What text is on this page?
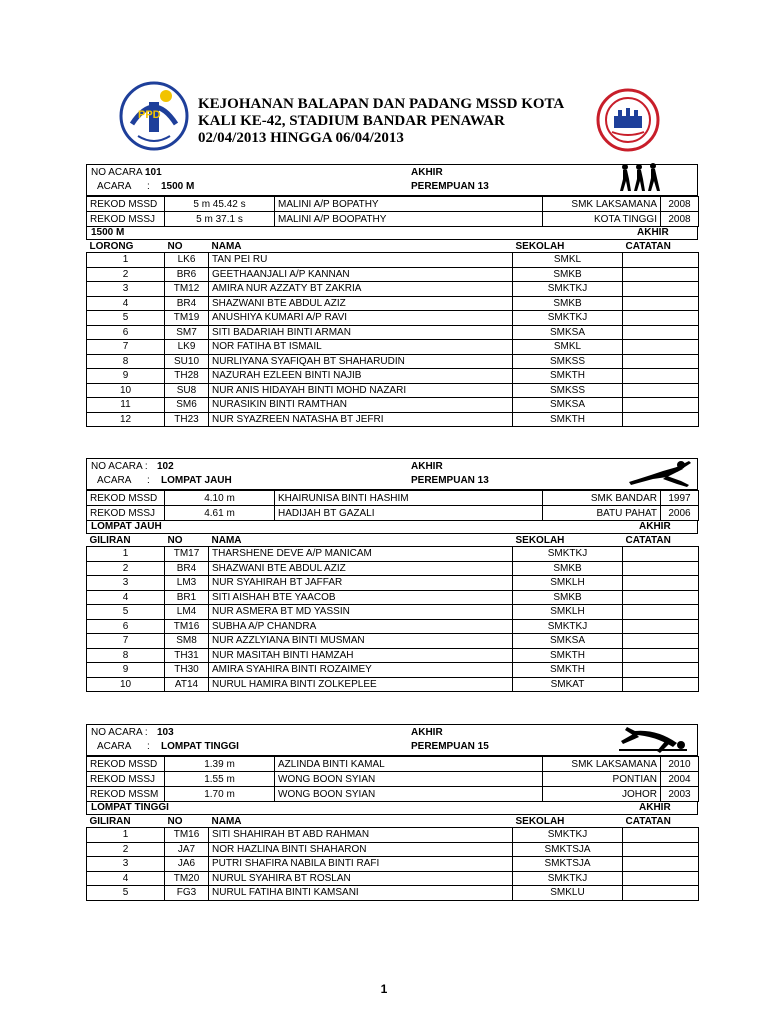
PPD
KEJOHANAN BALAPAN DAN PADANG MSSD KOTA
KALI KE-42, STADIUM BANDAR PENAWAR
02/04/2013 HINGGA 06/04/2013
NO ACARA :
101
ACARA : 1500 M
AKHIR
PEREMPUAN 13
REKOD MSSD	5 m 45.42 s	MALINI A/P BOPATHY	SMK LAKSAMANA	2008
REKOD MSSJ	5 m 37.1 s	MALINI A/P BOOPATHY	KOTA TINGGI	2008
1500 M	AKHIR
LORONG	NO	NAMA	SEKOLAH	CATATAN
1	LK6	TAN PEI RU	SMKL	
2	BR6	GEETHAANJALI A/P KANNAN	SMKB	
3	TM12	AMIRA NUR AZZATY BT ZAKRIA	SMKTKJ	
4	BR4	SHAZWANI BTE ABDUL AZIZ	SMKB	
5	TM19	ANUSHIYA KUMARI A/P RAVI	SMKTKJ	
6	SM7	SITI BADARIAH BINTI ARMAN	SMKSA	
7	LK9	NOR FATIHA BT ISMAIL	SMKL	
8	SU10	NURLIYANA SYAFIQAH BT SHAHARUDIN	SMKSS	
9	TH28	NAZURAH EZLEEN BINTI NAJIB	SMKTH	
10	SU8	NUR ANIS HIDAYAH BINTI MOHD NAZARI	SMKSS	
11	SM6	NURASIKIN BINTI RAMTHAN	SMKSA	
12	TH23	NUR SYAZREEN NATASHA BT JEFRI	SMKTH	
NO ACARA : 102
ACARA : LOMPAT JAUH
AKHIR
PEREMPUAN 13
REKOD MSSD	4.10 m	KHAIRUNISA BINTI HASHIM	SMK BANDAR	1997
REKOD MSSJ	4.61 m	HADIJAH BT GAZALI	BATU PAHAT	2006
LOMPAT JAUH	AKHIR
GILIRAN	NO	NAMA	SEKOLAH	CATATAN
1	TM17	THARSHENE DEVE A/P MANICAM	SMKTKJ	
2	BR4	SHAZWANI BTE ABDUL AZIZ	SMKB	
3	LM3	NUR SYAHIRAH BT JAFFAR	SMKLH	
4	BR1	SITI AISHAH BTE YAACOB	SMKB	
5	LM4	NUR ASMERA BT MD YASSIN	SMKLH	
6	TM16	SUBHA A/P CHANDRA	SMKTKJ	
7	SM8	NUR AZZLYIANA BINTI MUSMAN	SMKSA	
8	TH31	NUR MASITAH BINTI HAMZAH	SMKTH	
9	TH30	AMIRA SYAHIRA BINTI ROZAIMEY	SMKTH	
10	AT14	NURUL HAMIRA BINTI ZOLKEPLEE	SMKAT	
NO ACARA : 103
ACARA : LOMPAT TINGGI
AKHIR
PEREMPUAN 15
REKOD MSSD	1.39 m	AZLINDA BINTI KAMAL	SMK LAKSAMANA	2010
REKOD MSSJ	1.55 m	WONG BOON SYIAN	PONTIAN	2004
REKOD MSSM	1.70 m	WONG BOON SYIAN	JOHOR	2003
LOMPAT TINGGI	AKHIR
GILIRAN	NO	NAMA	SEKOLAH	CATATAN
1	TM16	SITI SHAHIRAH BT ABD RAHMAN	SMKTKJ	
2	JA7	NOR HAZLINA BINTI SHAHARON	SMKTSJA	
3	JA6	PUTRI SHAFIRA NABILA BINTI RAFI	SMKTSJA	
4	TM20	NURUL SYAHIRA BT ROSLAN	SMKTKJ	
5	FG3	NURUL FATIHA BINTI KAMSANI	SMKLU	
1
